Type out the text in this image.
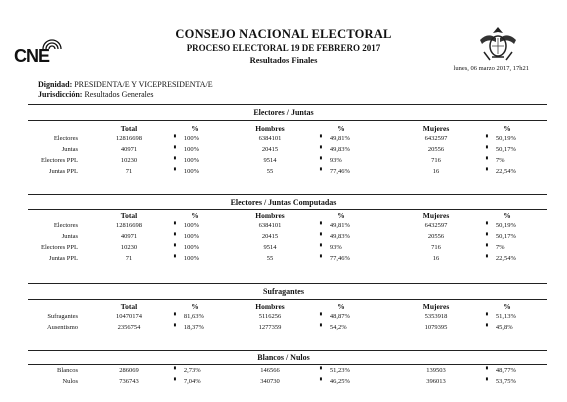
CNE
CONSEJO NACIONAL ELECTORAL
PROCESO ELECTORAL 19 DE FEBRERO 2017
Resultados Finales
lunes, 06 marzo 2017, 17h21
Dignidad: PRESIDENTA/E Y VICEPRESIDENTA/E
Jurisdicción: Resultados Generales
Electores / Juntas
Total	%	Hombres	%	Mujeres	%
Electores	12816698	▘ 100%	6384101	▘ 49,81%	6432597	▘ 50,19%
Juntas	40971	▘ 100%	20415	▘ 49,83%	20556	▘ 50,17%
Electores PPL	10230	▘ 100%	9514	▘ 93%	716	▘ 7%
Juntas PPL	71	▘ 100%	55	▘ 77,46%	16	▘ 22,54%
Electores / Juntas Computadas
Total	%	Hombres	%	Mujeres	%
Electores	12816698	▘ 100%	6384101	▘ 49,81%	6432597	▘ 50,19%
Juntas	40971	▘ 100%	20415	▘ 49,83%	20556	▘ 50,17%
Electores PPL	10230	▘ 100%	9514	▘ 93%	716	▘ 7%
Juntas PPL	71	▘ 100%	55	▘ 77,46%	16	▘ 22,54%
Sufragantes
Total	%	Hombres	%	Mujeres	%
Sufragantes	10470174	▘ 81,63%	5116256	▘ 48,87%	5353918	▘ 51,13%
Ausentismo	2356754	▘ 18,37%	1277359	▘ 54,2%	1079395	▘ 45,8%
Blancos / Nulos
Blancos	286069	▘ 2,73%	146566	▘ 51,23%	139503	▘ 48,77%
Nulos	736743	▘ 7,04%	340730	▘ 46,25%	396013	▘ 53,75%
